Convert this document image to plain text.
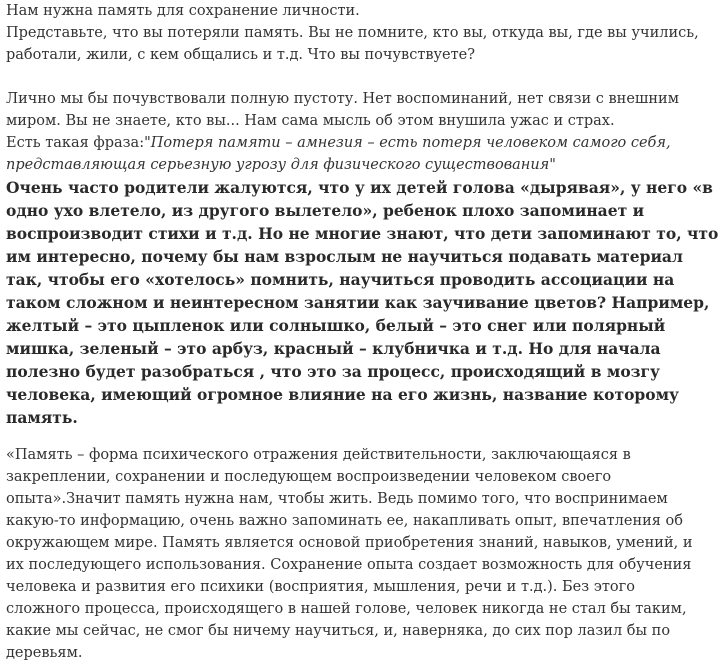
Нам нужна память для сохранение личности.
Представьте, что вы потеряли память. Вы не помните, кто вы, откуда вы, где вы учились,
работали, жили, с кем общались и т.д. Что вы почувствуете?
Лично мы бы почувствовали полную пустоту. Нет воспоминаний, нет связи с внешним
миром. Вы не знаете, кто вы... Нам сама мысль об этом внушила ужас и страх.
Есть такая фраза:"Потеря памяти – амнезия – есть потеря человеком самого себя,
представляющая серьезную угрозу для физического существования"
Очень часто родители жалуются, что у их детей голова «дырявая», у него «в
одно ухо влетело, из другого вылетело», ребенок плохо запоминает и
воспроизводит стихи и т.д. Но не многие знают, что дети запоминают то, что
им интересно, почему бы нам взрослым не научиться подавать материал
так, чтобы его «хотелось» помнить, научиться проводить ассоциации на
таком сложном и неинтересном занятии как заучивание цветов? Например,
желтый – это цыпленок или солнышко, белый – это снег или полярный
мишка, зеленый – это арбуз, красный – клубничка и т.д. Но для начала
полезно будет разобраться , что это за процесс, происходящий в мозгу
человека, имеющий огромное влияние на его жизнь, название которому
память.
«Память – форма психического отражения действительности, заключающаяся в
закреплении, сохранении и последующем воспроизведении человеком своего
опыта».Значит память нужна нам, чтобы жить. Ведь помимо того, что воспринимаем
какую-то информацию, очень важно запоминать ее, накапливать опыт, впечатления об
окружающем мире. Память является основой приобретения знаний, навыков, умений, и
их последующего использования. Сохранение опыта создает возможность для обучения
человека и развития его психики (восприятия, мышления, речи и т.д.). Без этого
сложного процесса, происходящего в нашей голове, человек никогда не стал бы таким,
какие мы сейчас, не смог бы ничему научиться, и, наверняка, до сих пор лазил бы по
деревьям.
